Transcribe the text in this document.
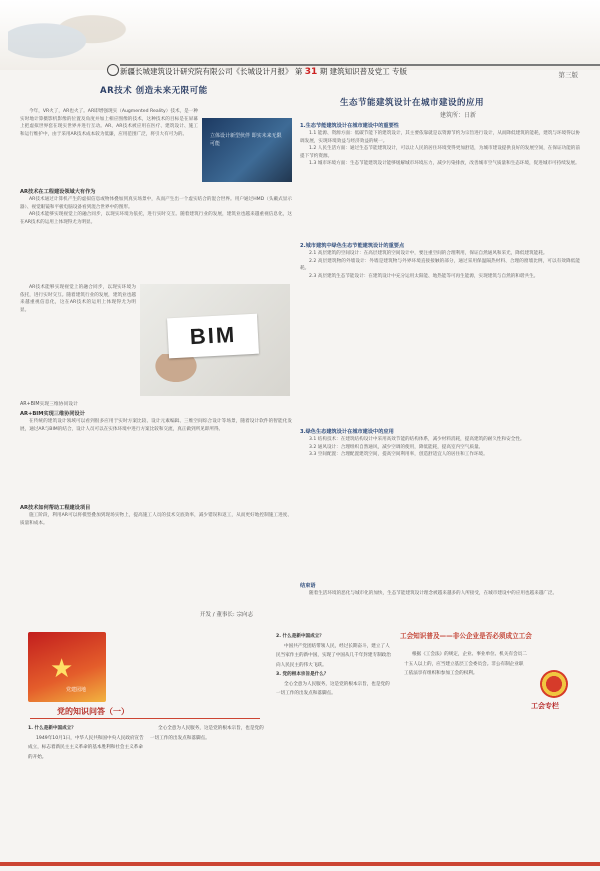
新疆长城建筑设计研究院有限公司《长城设计月报》 第 31 期 建筑知识普及党工 专版	第三版
AR技术 创造未来无限可能
立体设计新型伙伴 即实未来无限可能

今年，VR火了，AR也火了。AR即增强现实（Augmented Reality）技术，是一种实时地计算摄影机影像的位置及角度并加上相应图像的技术，这种技术的目标是在屏幕上把虚拟世界套在现实世界并进行互动。AR、AR技术被应用在医疗、建筑设计、施工和运行维护中，由于采用AR技术成本较为低廉，应用范围广泛，将引大有可为的。

AR技术在工程建设领域大有作为

AR技术通过计算机产生的虚拟信息或物体叠加到真实场景中，从而产生出一个虚实结合的混合世界。用户通过HMD（头戴式显示器）、视觉眼镜和平板电脑设备看到混合世界中的图形。

AR技术能够实现视觉上的融合同步，以现实环境为依托，进行实时交互。随着建筑行业的发展，建筑业也越来越重视信息化，这在AR技术的运用上体现得尤为明显。

BIM

AR技术能够实现视觉上的融合同步，以现实环境为依托，进行实时交互。随着建筑行业的发展，建筑业也越来越重视信息化，这在AR技术的运用上体现得尤为明显。

AR+BIM实现三维协同设计
AR+BIM实现三维协同设计

在传统的建筑设计领域可以看到很多应用于实时方案比较、设计元素编辑、三维空间综合设计等场景，随着设计软件的智能化发展，通过AR与BIM的结合，设计人员可以在实体环境中进行方案比较和交流，真正做到所见即所得。

AR技术如何帮助工程建设项目

施工阶段，利用AR可以将模型叠加到现场实物上，提高施工人员的技术交底效率，减少错误和返工，从而更好地控制施工进度、质量和成本。

开发 / 董事长: 宗向志
生态节能建筑设计在城市建设的应用
建筑所：日新
1.生态节能建筑设计在城市建设中的重要性

1.1 能源、资源方面：低碳节能下的建筑设计，其主要依靠就是以资源节约为宗旨进行设计，从而降低建筑的能耗，建筑与环境得以协调发展，实现环境效益与经济效益的统一。

1.2 人民生活方面：通过生态节能建筑设计，可以让人民的居住环境变得更加舒适，为城市建设提供良好的发展空间，在保证功能的前提下节约资源。

1.3 城市环境方面：生态节能建筑设计能够缓解城市环境压力，减少污染排放，改善城市空气质量和生态环境，促进城市可持续发展。

2.城市建筑中绿色生态节能建筑设计的重要点

2.1 高层建筑的空间设计：在高层建筑的空间设计中，要注重空间的合理利用，保证自然通风和采光，降低建筑能耗。

2.2 高层建筑物的外墙设计：外墙是建筑物与外界环境直接接触的部分，通过采用保温隔热材料、合理的窗墙比例，可以有效降低能耗。

2.3 高层建筑生态节能设计：在建筑设计中充分运用太阳能、地热能等可再生能源，实现建筑与自然的和谐共生。

3.绿色生态建筑设计在城市建设中的应用

3.1 结构技术：在建筑结构设计中采用高效节能的结构体系，减少材料消耗，提高建筑的耐久性和安全性。

3.2 通风设计：合理组织自然通风，减少空调的使用，降低能耗，提高室内空气质量。

3.3 空间配置：合理配置建筑空间，提高空间利用率，创造舒适宜人的居住和工作环境。

结束语

随着生活环境的恶化与城市化的加快，生态节能建筑设计理念被越来越多的人所接受，在城市建设中的应用也越来越广泛。

★
党建园地
党的知识问答（一）
1. 什么是新中国成立？

1949年10月1日，中华人民共和国中央人民政府宣告成立，标志着新民主主义革命的基本胜利和社会主义革命的开始。

全心全意为人民服务，这是党的根本宗旨，也是党的一切工作的出发点和落脚点。

2. 什么是新中国成立？

中国共产党团结带领人民，经过长期奋斗，建立了人民当家作主的新中国，实现了中国从几千年封建专制政治向人民民主的伟大飞跃。

3. 党的根本宗旨是什么？

全心全意为人民服务，这是党的根本宗旨，也是党的一切工作的出发点和落脚点。

工会知识普及——非公企业是否必须成立工会
工会专栏

根据《工会法》的规定，企业、事业单位、机关有会员二十五人以上的，应当建立基层工会委员会。非公有制企业职工依法享有组织和参加工会的权利。
